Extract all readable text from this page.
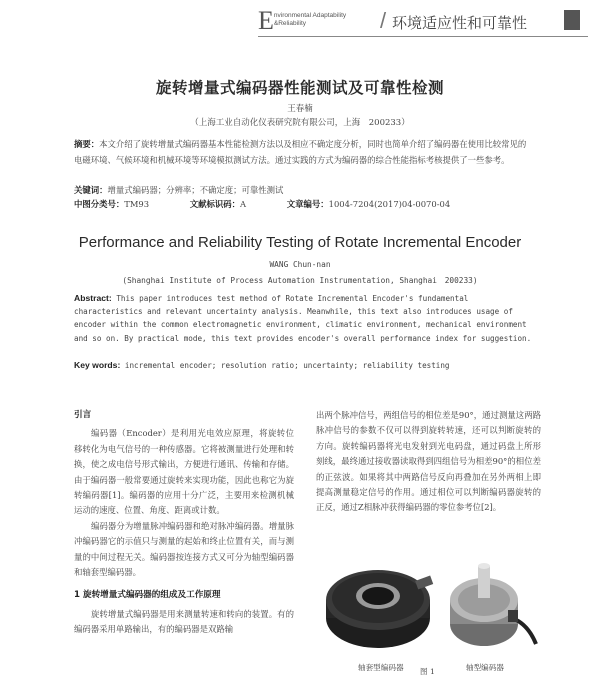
E nvironmental Adaptability
&Reliability	/ 环境适应性和可靠性
旋转增量式编码器性能测试及可靠性检测
王春楠
（上海工业自动化仪表研究院有限公司，上海　200233）
摘要：本文介绍了旋转增量式编码器基本性能检测方法以及相应不确定度分析，同时也简单介绍了编码器在使用比较常见的电磁环境、气候环境和机械环境等环境模拟测试方法。通过实践的方式为编码器的综合性能指标考核提供了一些参考。
关键词：增量式编码器；分辨率；不确定度；可靠性测试
中图分类号：TM93	文献标识码：A	文章编号：1004-7204(2017)04-0070-04
Performance and Reliability Testing of Rotate Incremental Encoder
WANG Chun-nan
(Shanghai Institute of Process Automation Instrumentation, Shanghai　200233)
Abstract: This paper introduces test method of Rotate Incremental Encoder's fundamental characteristics and relevant uncertainty analysis. Meanwhile, this text also introduces usage of encoder within the common electromagnetic environment, climatic environment, mechanical environment and so on. By practical mode, this text provides encoder's overall performance index for suggestion.
Key words: incremental encoder; resolution ratio; uncertainty; reliability testing
引言

编码器（Encoder）是利用光电效应原理，将旋转位移转化为电气信号的一种传感器。它将被测量进行处理和转换，使之成电信号形式输出，方便进行通讯、传输和存储。由于编码器一般常要通过旋转来实现功能，因此也称它为旋转编码器[1]。编码器的应用十分广泛，主要用来检测机械运动的速度、位置、角度、距离或计数。

编码器分为增量脉冲编码器和绝对脉冲编码器。增量脉冲编码器它的示值只与测量的起始和终止位置有关，而与测量的中间过程无关。编码器按连接方式又可分为轴型编码器和轴套型编码器。

1 旋转增量式编码器的组成及工作原理

旋转增量式编码器是用来测量转速和转向的装置。有的编码器采用单路输出，有的编码器是双路输

出两个脉冲信号，两组信号的相位差是90°，通过测量这两路脉冲信号的参数不仅可以得到旋转转速，还可以判断旋转的方向。旋转编码器将光电发射到光电码盘，通过码盘上所形刻线，最终通过接收器读取得到四组信号为相差90°的相位差的正弦波。如果将其中两路信号反向再叠加在另外两相上即提高测量稳定信号的作用。通过相位可以判断编码器旋转的正反，通过Z相脉冲获得编码器的零位参考位[2]。

轴套型编码器	轴型编码器
图 1
